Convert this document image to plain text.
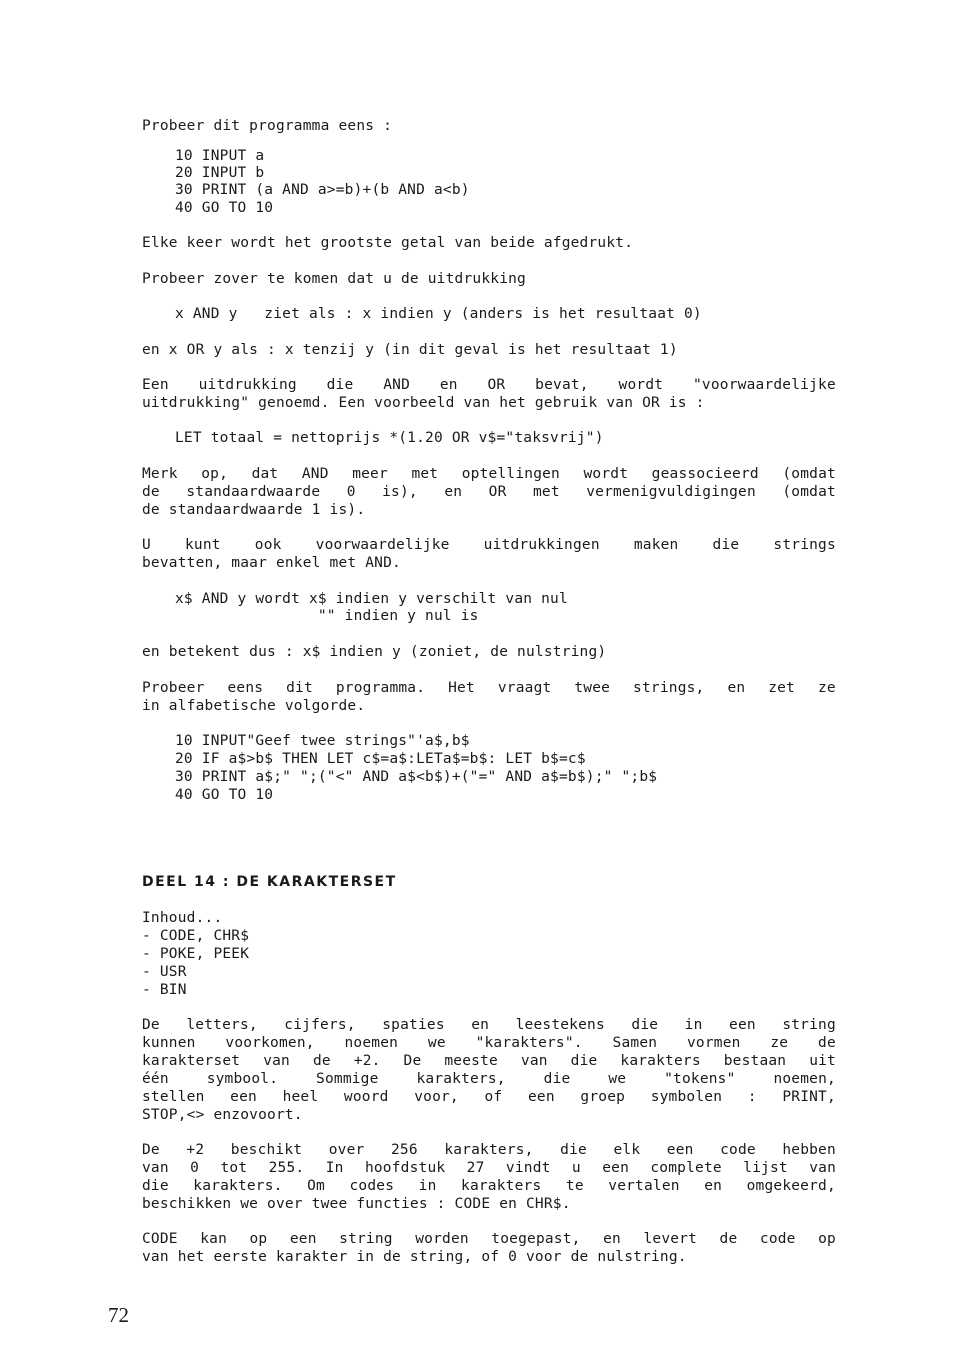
Probeer dit programma eens :
10 INPUT a
20 INPUT b
30 PRINT (a AND a>=b)+(b AND a<b)
40 GO TO 10
Elke keer wordt het grootste getal van beide afgedrukt.
Probeer zover te komen dat u de uitdrukking
x AND y   ziet als : x indien y (anders is het resultaat 0)
en x OR y als : x tenzij y (in dit geval is het resultaat 1)
Een uitdrukking die AND en OR bevat, wordt "voorwaardelijke
uitdrukking" genoemd. Een voorbeeld van het gebruik van OR is :
LET totaal = nettoprijs *(1.20 OR v$="taksvrij")
Merk op, dat AND meer met optellingen wordt geassocieerd (omdat
de standaardwaarde 0 is), en OR met vermenigvuldigingen (omdat
de standaardwaarde 1 is).
U kunt ook voorwaardelijke uitdrukkingen maken die strings
bevatten, maar enkel met AND.
x$ AND y wordt x$ indien y verschilt van nul
"" indien y nul is
en betekent dus : x$ indien y (zoniet, de nulstring)
Probeer eens dit programma. Het vraagt twee strings, en zet ze
in alfabetische volgorde.
10 INPUT"Geef twee strings"'a$,b$
20 IF a$>b$ THEN LET c$=a$:LETa$=b$: LET b$=c$
30 PRINT a$;" ";("<" AND a$<b$)+("=" AND a$=b$);" ";b$
40 GO TO 10
DEEL 14 : DE KARAKTERSET
Inhoud...
- CODE, CHR$
- POKE, PEEK
- USR
- BIN
De letters, cijfers, spaties en leestekens die in een string
kunnen voorkomen, noemen we "karakters". Samen vormen ze de
karakterset van de +2. De meeste van die karakters bestaan uit
één	symbool.	Sommige	karakters,	die	we	"tokens"	noemen,
stellen een heel woord voor, of een groep symbolen : PRINT,
STOP,<> enzovoort.
De +2 beschikt over 256 karakters, die elk een code hebben
van 0 tot 255. In hoofdstuk 27 vindt u een complete lijst van
die karakters. Om codes in karakters te vertalen en omgekeerd,
beschikken we over twee functies : CODE en CHR$.
CODE kan op een string worden toegepast, en levert de code op
van het eerste karakter in de string, of 0 voor de nulstring.
72
